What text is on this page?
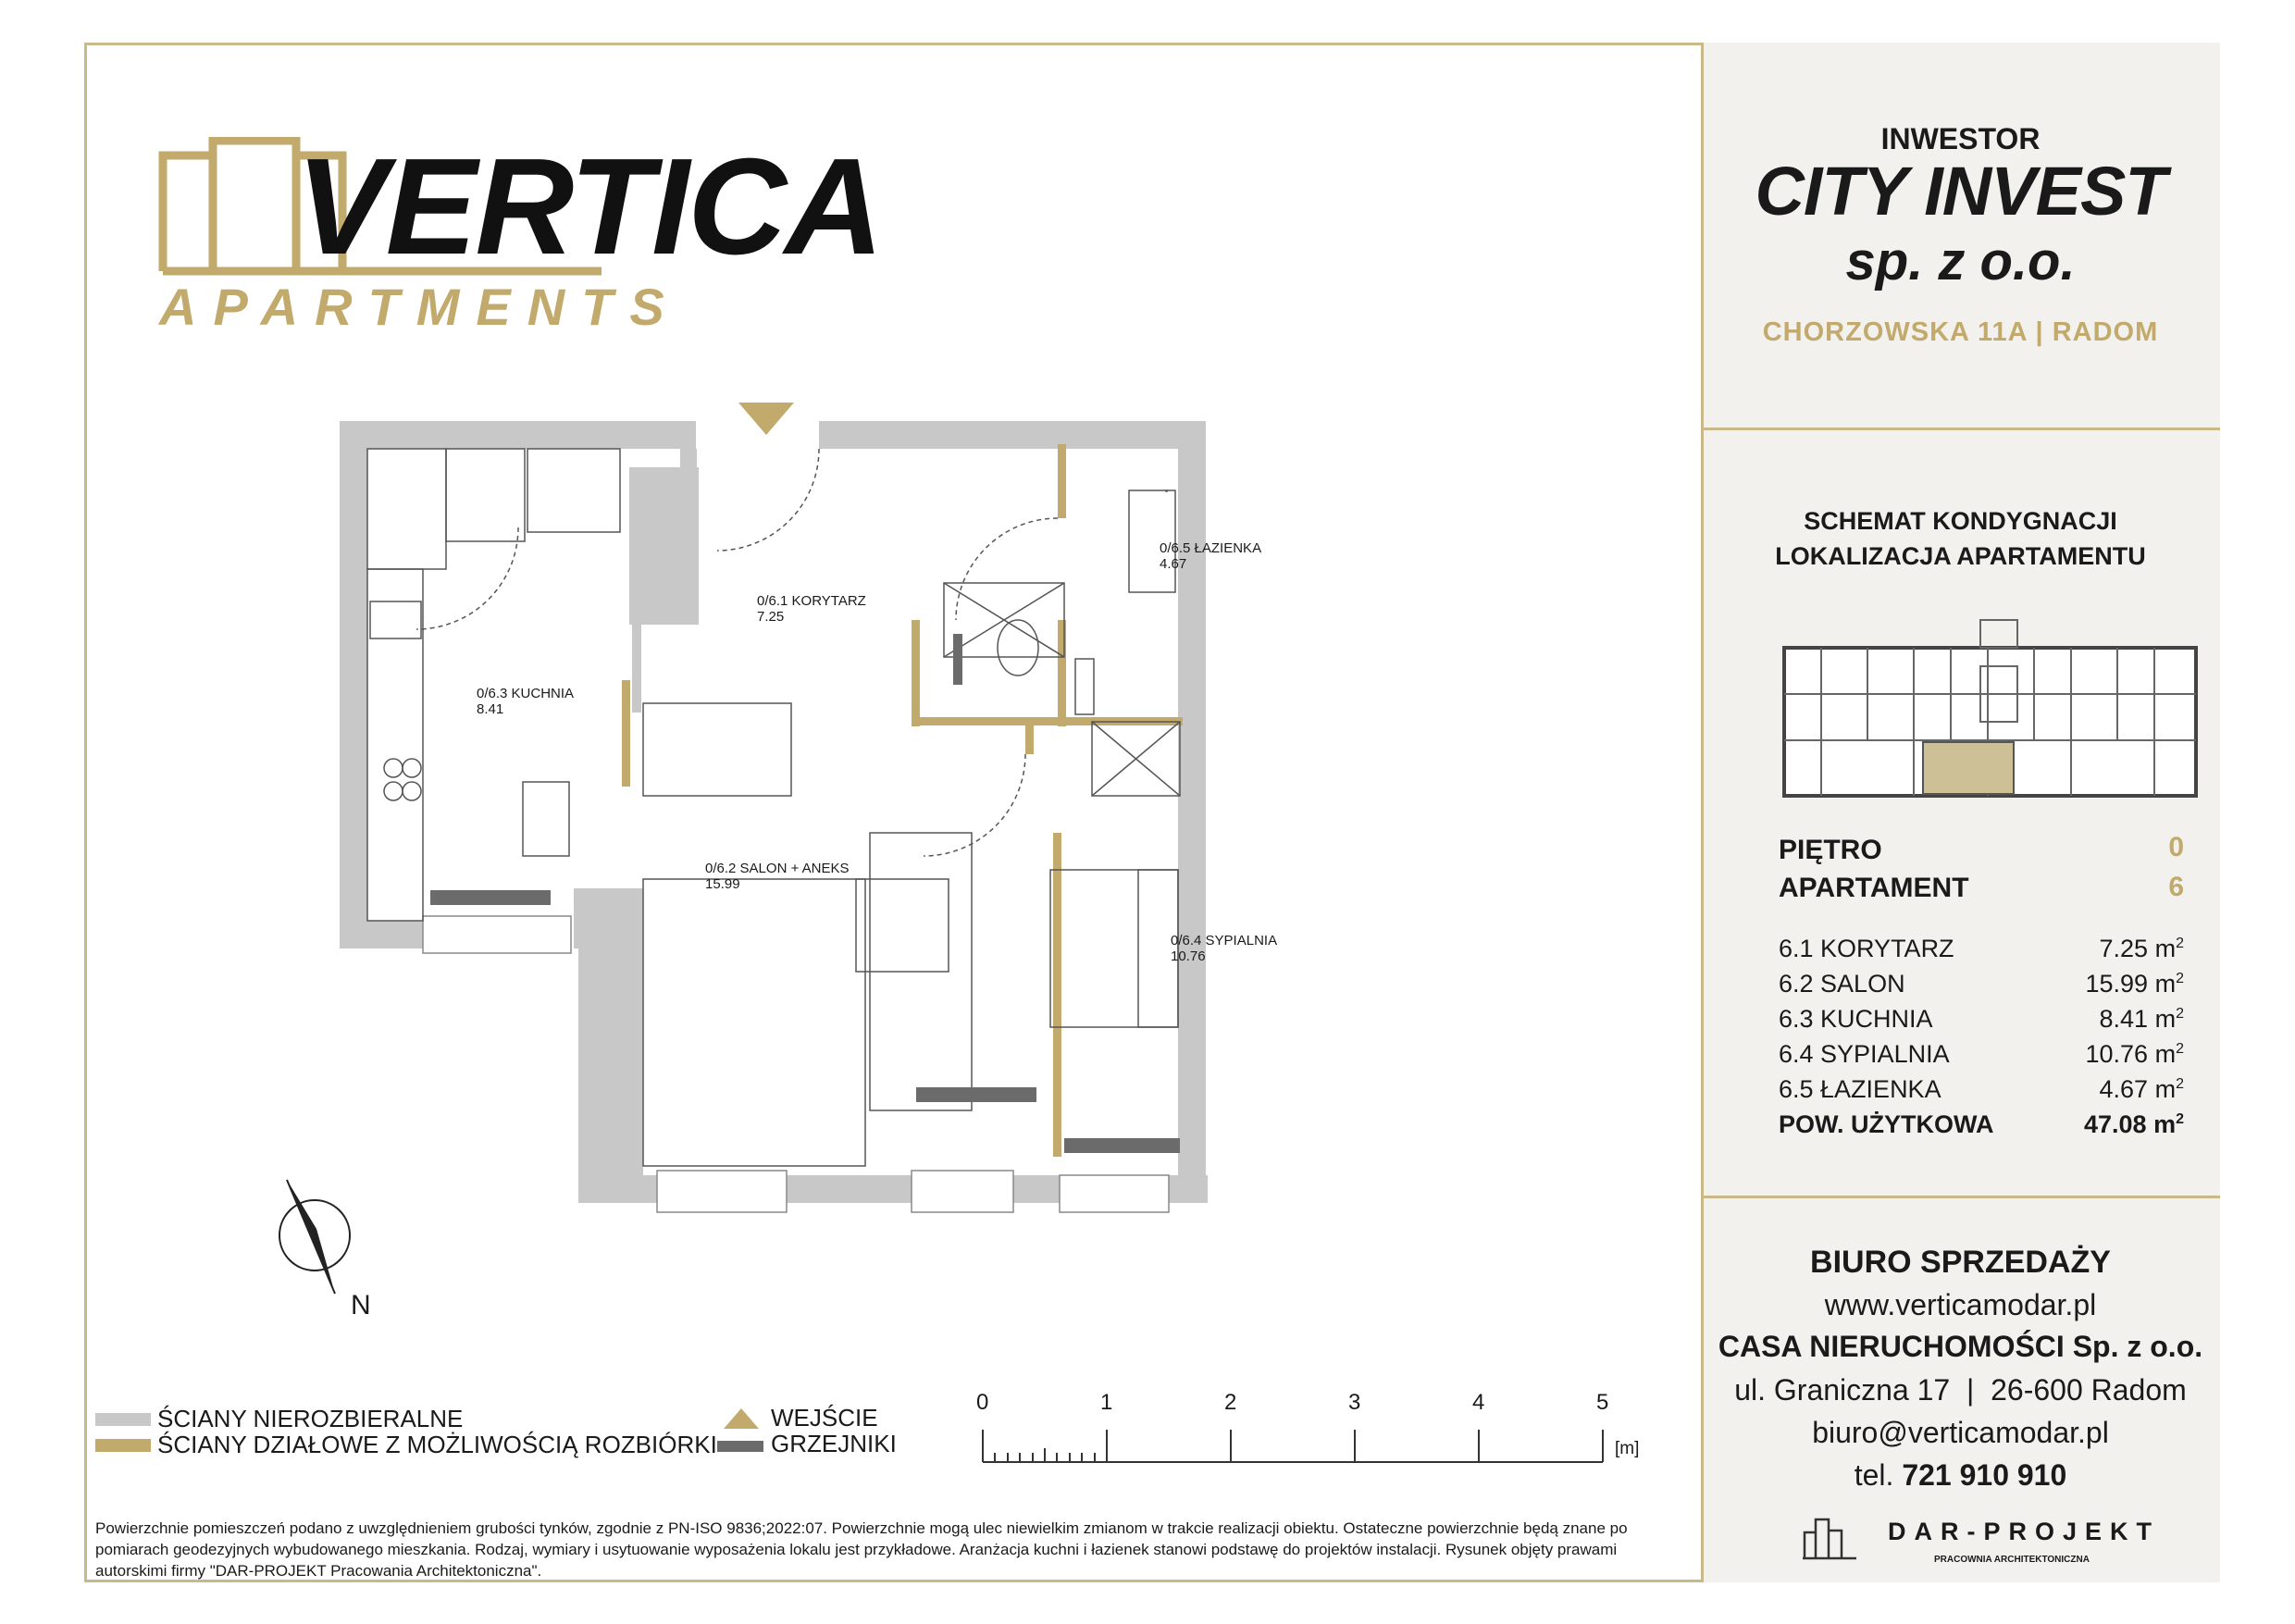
VERTICA
APARTMENTS
0/6.1 KORYTARZ
7.25
0/6.2 SALON + ANEKS
15.99
0/6.3 KUCHNIA
8.41
0/6.4 SYPIALNIA
10.76
0/6.5 ŁAZIENKA
4.67
N
INWESTOR
CITY INVEST
sp. z o.o.
CHORZOWSKA 11A | RADOM
SCHEMAT KONDYGNACJI
LOKALIZACJA APARTAMENTU
PIĘTRO	0
APARTAMENT	6
6.1 KORYTARZ	7.25 $m^2$
6.2 SALON	15.99 $m^2$
6.3 KUCHNIA	8.41 $m^2$
6.4 SYPIALNIA	10.76 $m^2$
6.5 ŁAZIENKA	4.67 $m^2$
POW. UŻYTKOWA	47.08 $m^2$
BIURO SPRZEDAŻY
www.verticamodar.pl
CASA NIERUCHOMOŚCI Sp. z o.o.
ul. Graniczna 17  |  26-600 Radom
biuro@verticamodar.pl
tel. 721 910 910
DAR-PROJEKT
PRACOWNIA ARCHITEKTONICZNA
ŚCIANY NIEROZBIERALNE
ŚCIANY DZIAŁOWE Z MOŻLIWOŚCIĄ ROZBIÓRKI
WEJŚCIE
GRZEJNIKI
0	1	2	3	4	5
[m]
Powierzchnie pomieszczeń podano z uwzględnieniem grubości tynków, zgodnie z PN-ISO 9836;2022:07. Powierzchnie mogą ulec niewielkim zmianom w trakcie realizacji obiektu. Ostateczne powierzchnie będą znane po pomiarach geodezyjnych wybudowanego mieszkania. Rodzaj, wymiary i usytuowanie wyposażenia lokalu jest przykładowe. Aranżacja kuchni i łazienek stanowi podstawę do projektów instalacji. Rysunek objęty prawami autorskimi firmy "DAR-PROJEKT Pracowania Architektoniczna".
